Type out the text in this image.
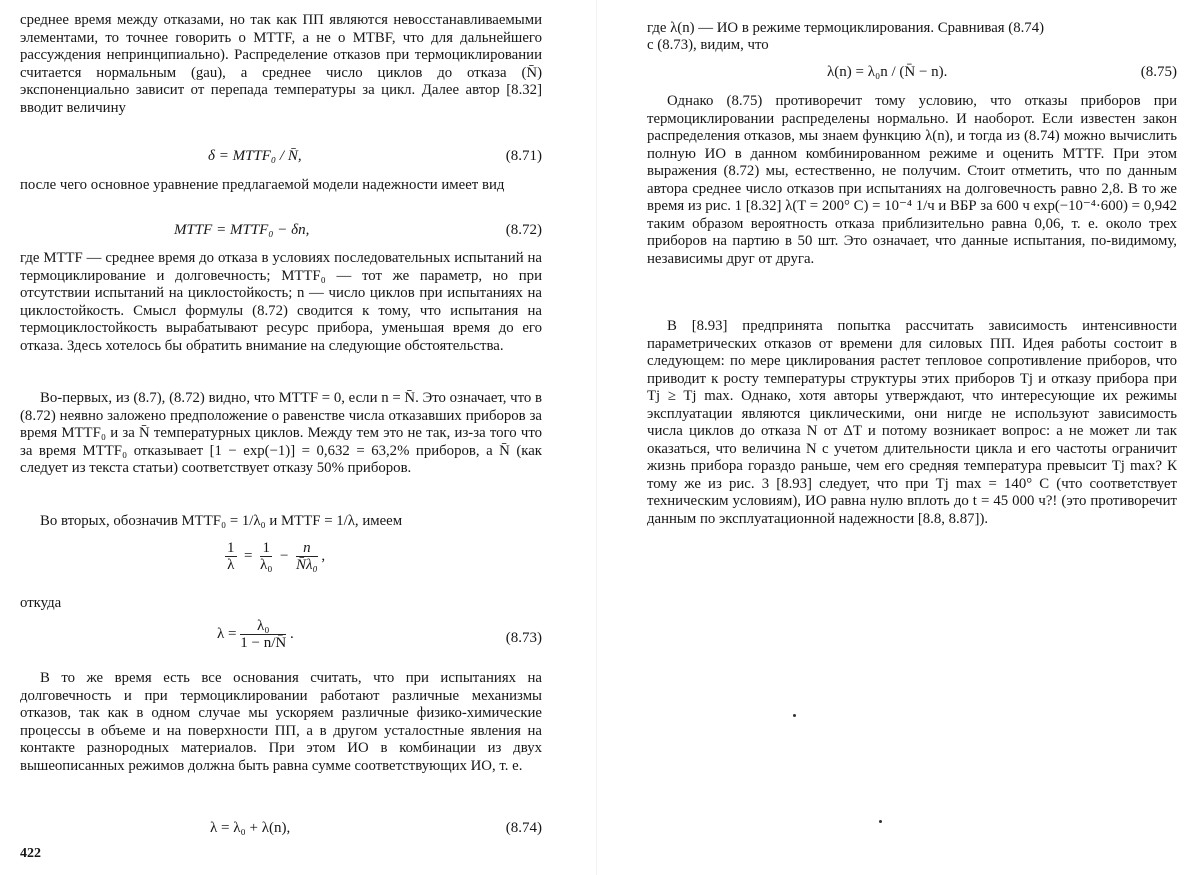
среднее время между отказами, но так как ПП являются невосстанавливаемыми элементами, то точнее говорить о MTTF, а не о MTBF, что для дальнейшего рассуждения непринципиально). Распределение отказов при термоциклировании считается нормальным (gau), а среднее число циклов до отказа (N̄) экспоненциально зависит от перепада температуры за цикл. Далее автор [8.32] вводит величину

δ = MTTF₀ / N̄,	(8.71)

после чего основное уравнение предлагаемой модели надежности имеет вид

MTTF = MTTF₀ − δn,	(8.72)

где MTTF — среднее время до отказа в условиях последовательных испытаний на термоциклирование и долговечность; MTTF₀ — тот же параметр, но при отсутствии испытаний на циклостойкость; n — число циклов при испытаниях на циклостойкость. Смысл формулы (8.72) сводится к тому, что испытания на термоциклостойкость вырабатывают ресурс прибора, уменьшая время до его отказа. Здесь хотелось бы обратить внимание на следующие обстоятельства.

Во-первых, из (8.7), (8.72) видно, что MTTF = 0, если n = N̄. Это означает, что в (8.72) неявно заложено предположение о равенстве числа отказавших приборов за время MTTF₀ и за N̄ температурных циклов. Между тем это не так, из-за того что за время MTTF₀ отказывает [1 − exp(−1)] = 0,632 = 63,2% приборов, а N̄ (как следует из текста статьи) соответствует отказу 50% приборов.

Во вторых, обозначив MTTF₀ = 1/λ₀ и MTTF = 1/λ, имеем

$\frac{1}{\lambda} = \frac{1}{\text{λ₀}} - \frac{n}{\text{N̄λ₀}}$ ,

откуда

$\lambda = \frac{\text{λ₀}}{1 - n/N̄}$ .	(8.73)

В то же время есть все основания считать, что при испытаниях на долговечность и при термоциклировании работают различные механизмы отказов, так как в одном случае мы ускоряем различные физико-химические процессы в объеме и на поверхности ПП, а в другом усталостные явления на контакте разнородных материалов. При этом ИО в комбинации из двух вышеописанных режимов должна быть равна сумме соответствующих ИО, т. е.

λ = λ₀ + λ(n),	(8.74)
422

где λ(n) — ИО в режиме термоциклирования. Сравнивая (8.74)

с (8.73), видим, что

λ(n) = λ₀n / (N̄ − n).	(8.75)

Однако (8.75) противоречит тому условию, что отказы приборов при термоциклировании распределены нормально. И наоборот. Если известен закон распределения отказов, мы знаем функцию λ(n), и тогда из (8.74) можно вычислить полную ИО в данном комбинированном режиме и оценить MTTF. При этом выражения (8.72) мы, естественно, не получим. Стоит отметить, что по данным автора среднее число отказов при испытаниях на долговечность равно 2,8. В то же время из рис. 1 [8.32] λ(T = 200° C) = 10⁻⁴ 1/ч и ВБР за 600 ч exp(−10⁻⁴·600) = 0,942 таким образом вероятность отказа приблизительно равна 0,06, т. е. около трех приборов на партию в 50 шт. Это означает, что данные испытания, по-видимому, независимы друг от друга.

В [8.93] предпринята попытка рассчитать зависимость интенсивности параметрических отказов от времени для силовых ПП. Идея работы состоит в следующем: по мере циклирования растет тепловое сопротивление приборов, что приводит к росту температуры структуры этих приборов Tj и отказу прибора при Tj ≥ Tj max. Однако, хотя авторы утверждают, что интересующие их режимы эксплуатации являются циклическими, они нигде не используют зависимость числа циклов до отказа N от ΔT и потому возникает вопрос: а не может ли так оказаться, что величина N с учетом длительности цикла и его частоты ограничит жизнь прибора гораздо раньше, чем его средняя температура превысит Tj max? К тому же из рис. 3 [8.93] следует, что при Tj max = 140° C (что соответствует техническим условиям), ИО равна нулю вплоть до t = 45 000 ч?! (это противоречит данным по эксплуатационной надежности [8.8, 8.87]).
